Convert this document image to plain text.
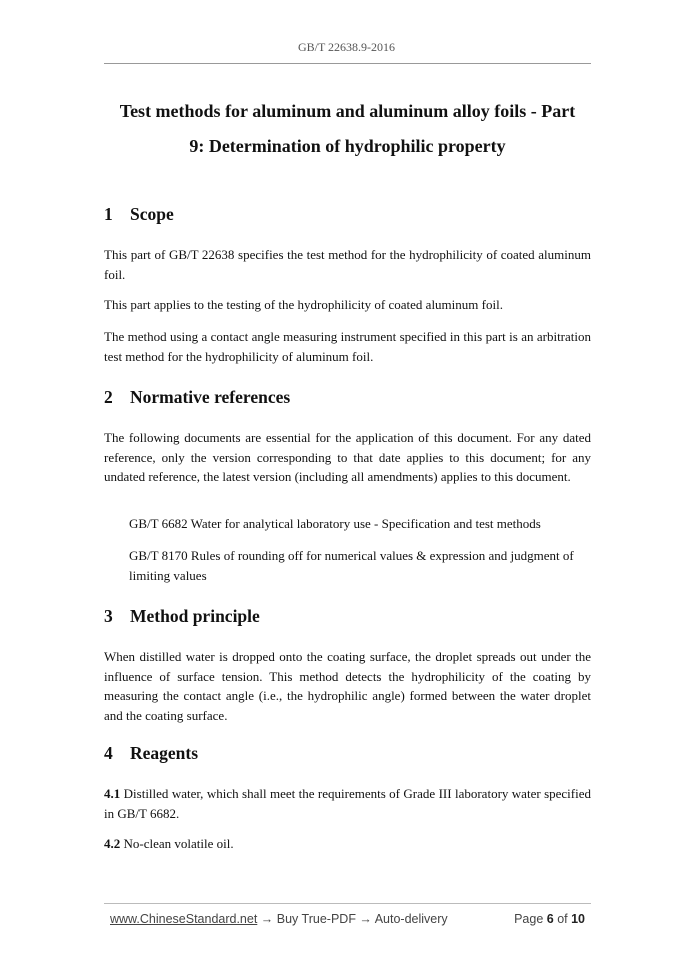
GB/T 22638.9-2016
Test methods for aluminum and aluminum alloy foils - Part
9: Determination of hydrophilic property
1 Scope
This part of GB/T 22638 specifies the test method for the hydrophilicity of coated aluminum foil.
This part applies to the testing of the hydrophilicity of coated aluminum foil.
The method using a contact angle measuring instrument specified in this part is an arbitration test method for the hydrophilicity of aluminum foil.
2 Normative references
The following documents are essential for the application of this document. For any dated reference, only the version corresponding to that date applies to this document; for any undated reference, the latest version (including all amendments) applies to this document.
GB/T 6682 Water for analytical laboratory use - Specification and test methods
GB/T 8170 Rules of rounding off for numerical values & expression and judgment of limiting values
3 Method principle
When distilled water is dropped onto the coating surface, the droplet spreads out under the influence of surface tension. This method detects the hydrophilicity of the coating by measuring the contact angle (i.e., the hydrophilic angle) formed between the water droplet and the coating surface.
4 Reagents
4.1 Distilled water, which shall meet the requirements of Grade III laboratory water specified in GB/T 6682.
4.2 No-clean volatile oil.
www.ChineseStandard.net → Buy True-PDF → Auto-delivery	Page 6 of 10
